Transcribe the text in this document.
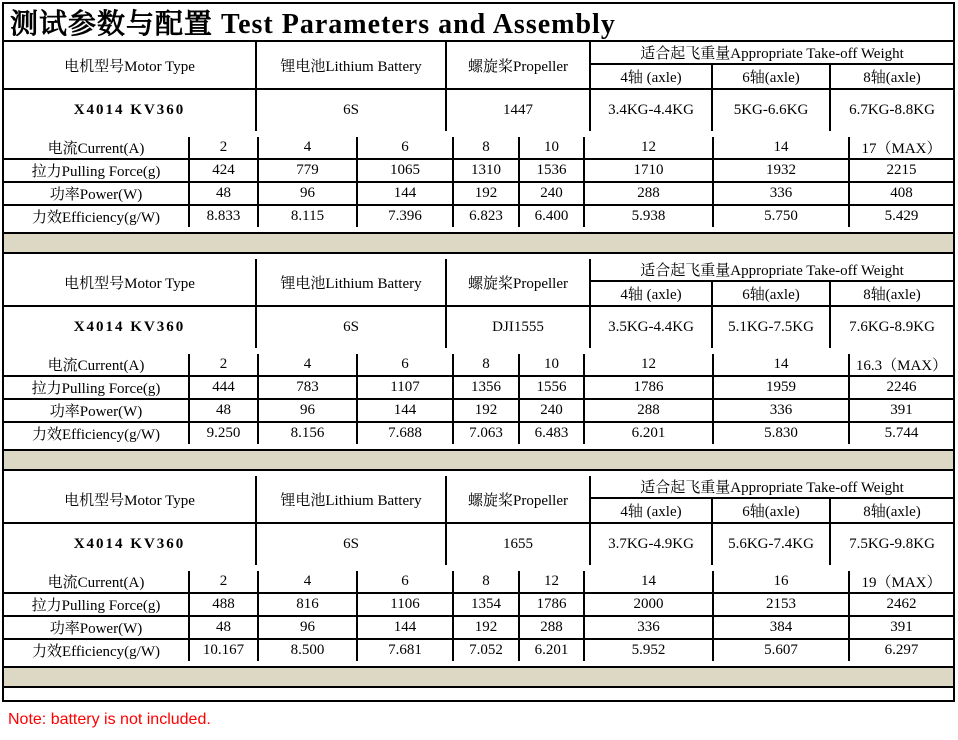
测试参数与配置 Test Parameters and Assembly
电机型号Motor Type	锂电池Lithium Battery	螺旋桨Propeller	适合起飞重量Appropriate Take-off Weight		
			4轴 (axle)	6轴(axle)	8轴(axle)
X4014 KV360	6S	1447	3.4KG-4.4KG	5KG-6.6KG	6.7KG-8.8KG
电流Current(A)	2	4	6	8	10	12	14	17（MAX）
拉力Pulling Force(g)	424	779	1065	1310	1536	1710	1932	2215
功率Power(W)	48	96	144	192	240	288	336	408
力效Efficiency(g/W)	8.833	8.115	7.396	6.823	6.400	5.938	5.750	5.429
电机型号Motor Type	锂电池Lithium Battery	螺旋桨Propeller	适合起飞重量Appropriate Take-off Weight		
			4轴 (axle)	6轴(axle)	8轴(axle)
X4014 KV360	6S	DJI1555	3.5KG-4.4KG	5.1KG-7.5KG	7.6KG-8.9KG
电流Current(A)	2	4	6	8	10	12	14	16.3（MAX）
拉力Pulling Force(g)	444	783	1107	1356	1556	1786	1959	2246
功率Power(W)	48	96	144	192	240	288	336	391
力效Efficiency(g/W)	9.250	8.156	7.688	7.063	6.483	6.201	5.830	5.744
电机型号Motor Type	锂电池Lithium Battery	螺旋桨Propeller	适合起飞重量Appropriate Take-off Weight		
			4轴 (axle)	6轴(axle)	8轴(axle)
X4014 KV360	6S	1655	3.7KG-4.9KG	5.6KG-7.4KG	7.5KG-9.8KG
电流Current(A)	2	4	6	8	12	14	16	19（MAX）
拉力Pulling Force(g)	488	816	1106	1354	1786	2000	2153	2462
功率Power(W)	48	96	144	192	288	336	384	391
力效Efficiency(g/W)	10.167	8.500	7.681	7.052	6.201	5.952	5.607	6.297
Note: battery is not included.
